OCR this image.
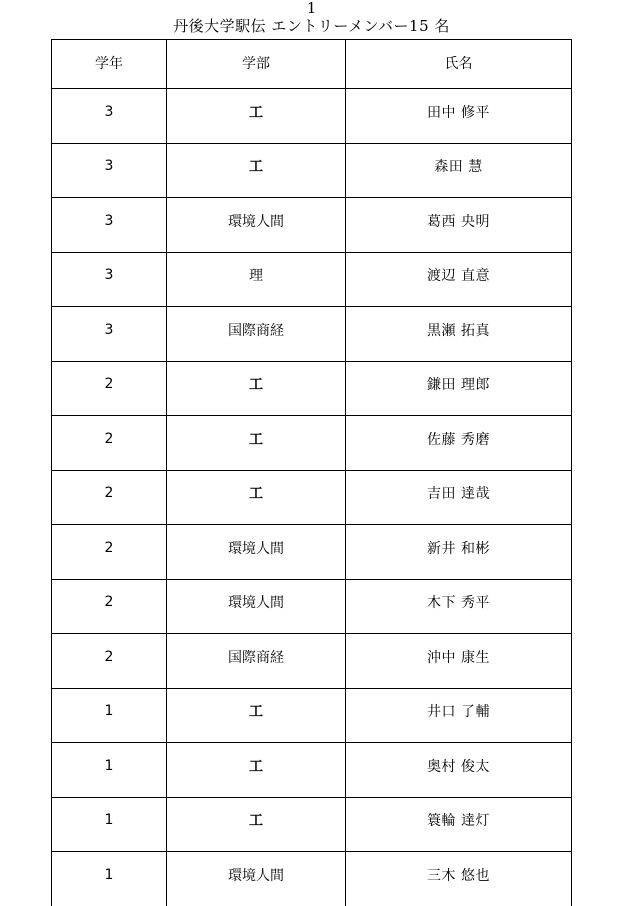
1
丹後大学駅伝 エントリーメンバー15 名
学年	学部	氏名
3	工	田中 修平
3	工	森田 慧
3	環境人間	葛西 央明
3	理	渡辺 直意
3	国際商経	黒瀬 拓真
2	工	鎌田 理郎
2	工	佐藤 秀磨
2	工	吉田 達哉
2	環境人間	新井 和彬
2	環境人間	木下 秀平
2	国際商経	沖中 康生
1	工	井口 了輔
1	工	奥村 俊太
1	工	簑輪 達灯
1	環境人間	三木 悠也
